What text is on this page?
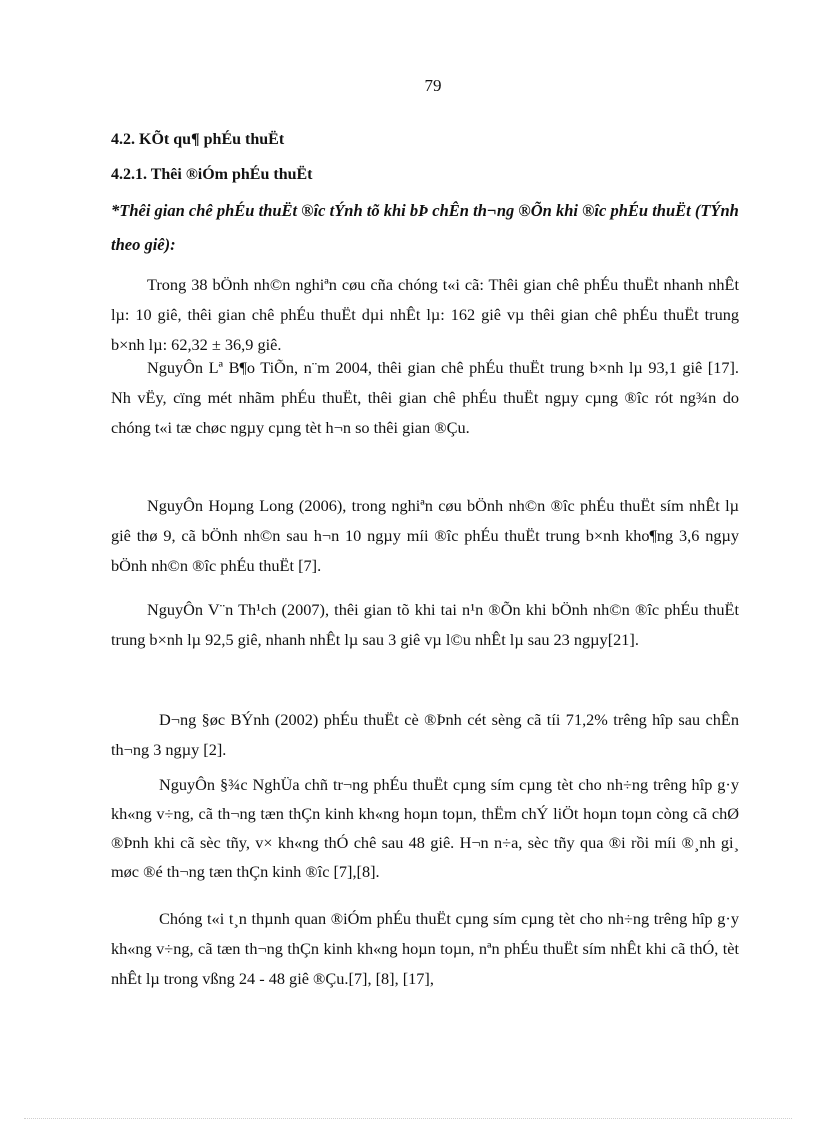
79
4.2. KÕt qu¶ phÉu thuËt
4.2.1. Thêi ®iÓm phÉu thuËt
*Thêi gian chê phÉu thuËt ®îc tÝnh tõ khi bÞ chÊn th¬ng ®Õn khi ®îc phÉu thuËt (TÝnh theo giê):
Trong 38 bÖnh nh©n nghiªn cøu cña chóng t«i cã: Thêi gian chê phÉu thuËt nhanh nhÊt lµ: 10 giê, thêi gian chê phÉu thuËt dµi nhÊt lµ: 162 giê vµ thêi gian chê phÉu thuËt trung b×nh lµ: 62,32 ± 36,9 giê.
NguyÔn Lª B¶o TiÕn, n¨m 2004, thêi gian chê phÉu thuËt trung b×nh lµ 93,1 giê [17]. Nh vËy, cïng mét nhãm phÉu thuËt, thêi gian chê phÉu thuËt ngµy cµng ®îc rót ng¾n do chóng t«i tæ chøc ngµy cµng tèt h¬n so thêi gian ®Çu.
NguyÔn Hoµng Long (2006), trong nghiªn cøu bÖnh nh©n ®îc phÉu thuËt sím nhÊt lµ giê thø 9, cã bÖnh nh©n sau h¬n 10 ngµy míi ®îc phÉu thuËt trung b×nh kho¶ng 3,6 ngµy bÖnh nh©n ®îc phÉu thuËt [7].
NguyÔn V¨n Th¹ch (2007), thêi gian tõ khi tai n¹n ®Õn khi bÖnh nh©n ®îc phÉu thuËt trung b×nh lµ 92,5 giê, nhanh nhÊt lµ sau 3 giê vµ l©u nhÊt lµ sau 23 ngµy[21].
D¬ng §øc BÝnh (2002) phÉu thuËt cè ®Þnh cét sèng cã tíi 71,2% trêng hîp sau chÊn th¬ng 3 ngµy [2].
NguyÔn §¾c NghÜa chñ tr¬ng phÉu thuËt cµng sím cµng tèt cho nh÷ng trêng hîp g·y kh«ng v÷ng, cã th¬ng tæn thÇn kinh kh«ng hoµn toµn, thËm chÝ liÖt hoµn toµn còng cã chØ ®Þnh khi cã sèc tñy, v× kh«ng thÓ chê sau 48 giê. H¬n n÷a, sèc tñy qua ®i rồi míi ®¸nh gi¸ møc ®é th¬ng tæn thÇn kinh ®îc [7],[8].
Chóng t«i t¸n thµnh quan ®iÓm phÉu thuËt cµng sím cµng tèt cho nh÷ng trêng hîp g·y kh«ng v÷ng, cã tæn th¬ng thÇn kinh kh«ng hoµn toµn, nªn phÉu thuËt sím nhÊt khi cã thÓ, tèt nhÊt lµ trong vßng 24 - 48 giê ®Çu.[7], [8], [17],
